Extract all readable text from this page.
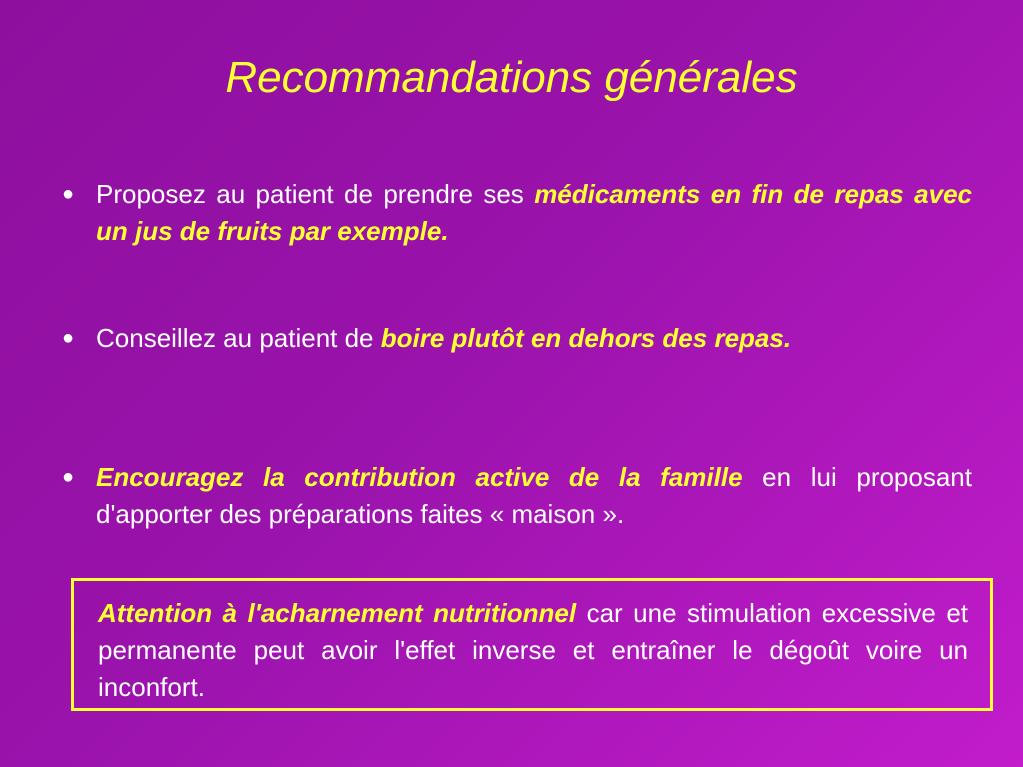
Recommandations générales
● Proposez au patient de prendre ses médicaments en fin de repas avec un jus de fruits par exemple.
● Conseillez au patient de boire plutôt en dehors des repas.
● Encouragez la contribution active de la famille en lui proposant d'apporter des préparations faites « maison ».
Attention à l'acharnement nutritionnel car une stimulation excessive et permanente peut avoir l'effet inverse et entraîner le dégoût voire un inconfort.
